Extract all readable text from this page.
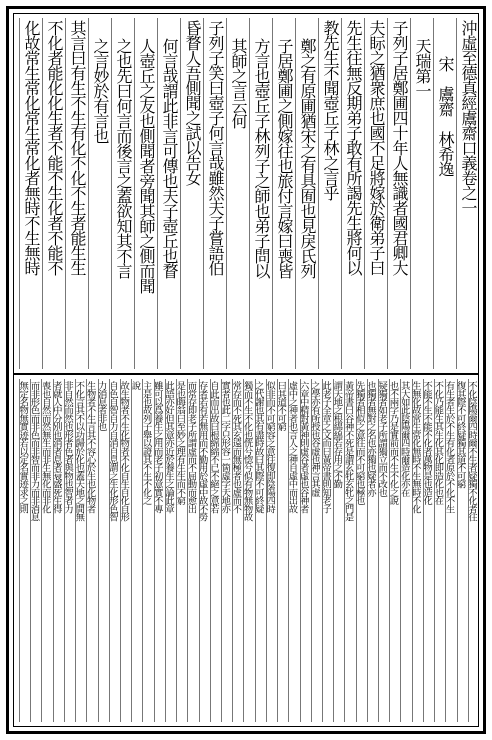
沖虛至德真經鬳齋口義卷之一
宋　鬳齋　林希逸
天瑞第一
子列子居鄭圃四十年人無識者國君卿大
夫眎之猶衆庶也國不足將嫁於衛弟子曰
先生往無反期弟子敢有所謁先生將何以
教先生不聞壺丘子林之言乎
鄭之有原圃猶宋之有具囿也見戾氏列
子居鄭圃之側嫁往也旅付言嫁曰喪皆
方言也壺丘子林列子之師也弟子問以
其師之言云何
子列子笑曰壺子何言哉雖然夫子嘗語伯
昏瞀人吾側聞之試以告女
何言哉謂此非言可傳也夫子壺丘也瞀
人壺丘之友也側聞者旁聞其師之側而聞
之也先曰何言而後言之蓋欲知其不言
之言妙於有言也
其言曰有生不生有化不化不生者能生生
不化者能化化生者不能不生化者不能不
化故常生常化常生常化者無時不生無時
不化陰陽爾四時爾不生者疑獨不化者往
復其際不可終疑獨其道不可窮
有生者生於不生有化者原於不化不生
不化乃能生其生化其化即造化也在
不能不生不能不化者萬物是也造化
生無化故常生常化無時不生無時不化
其大如此陰陽爾四時爾造化亦在
也不兩字乃是實前而不生不化之說
疑獨者如老子所謂獨立而不改也
也獨者無對之名也亦獨也疑者亦
先獨者相似之意往而不可窮也極也
黃帝書曰谷神不死是謂玄牝玄牝之門是
謂天地之根綿綿若存用之不勤
此老子全章之文而曰黃帝書則知老子
之學亦有所授也谷虛也神言其虛
六章中精對黃神則虛谷者虛也谷神者
虛中之神者也言人之神自虛中而出故
曰其道不可窮
似非而不可窮容之意往復即陰陽四時
之代謝也其有盡時故曰其際不可終疑
獨而不生不化也恍兮惚兮似有物無物故
常存而不死其玄遠而無極者也虛而不
實者也此二字只形容一箇虛字天地亦
自此而出故曰根綿綿不已不絕之意若
存者若有若無用而不勤用於虛中故不勞
而常存即老子所謂虛而不屈動而愈出
是也晦翁曰至妙之理有生生而不窮
此語亦好但其意亦近於養生之論此章
雖可以爲養生之用而老子初意實不專
主是也故列子舉以證其不生不化之
說
故生物者不生化物者不化自生自化自形
自色自智自力自消自息謂之生化形色智
力消息者非也
生物者不生言其不容心於生也化物者
不化言其不以功歸於化也蓋天地之間無
非自然而然也形者色者與物也智者力
者就人中分別也消者息者衰盛死生得
喪也自然而然無生而非生無化而非化
而非形色而非色而非智而非力而非消息
無定名物無實迹若以定名實迹求之則
